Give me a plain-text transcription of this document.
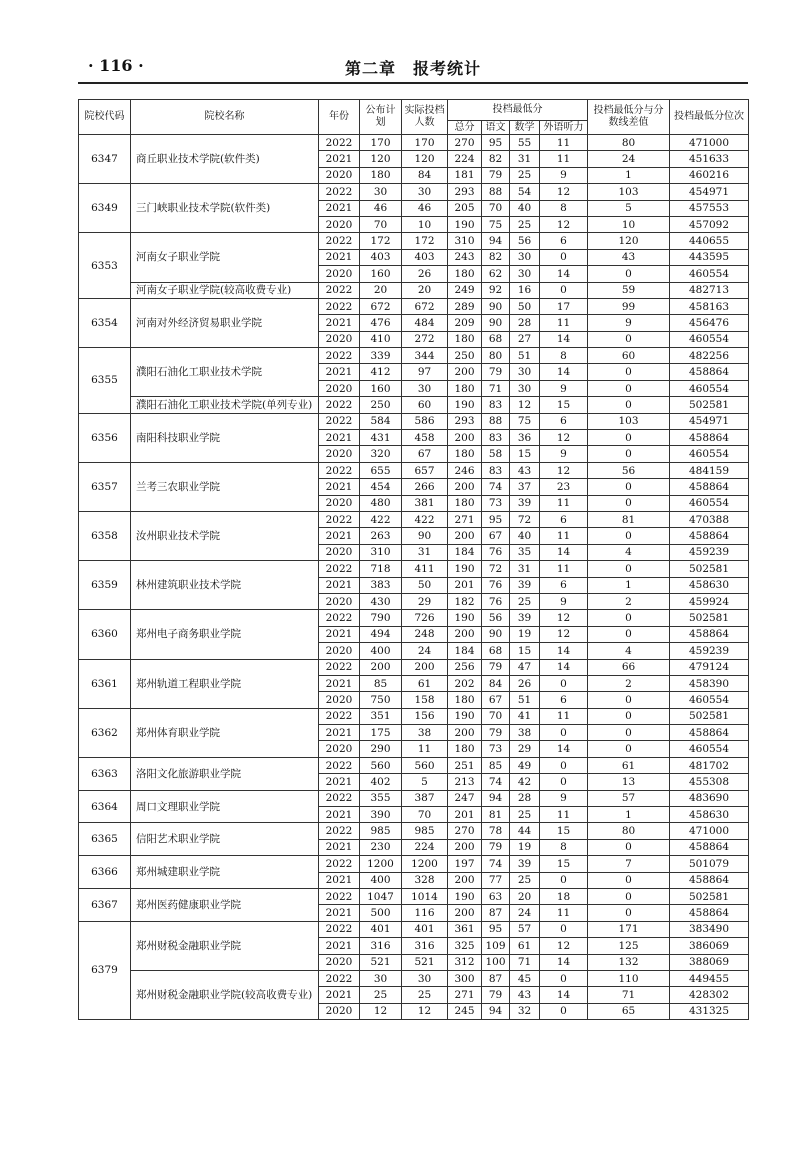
· 116 ·	第二章　报考统计
院校代码	院校名称	年份	公布计划	实际投档人数	投档最低分				投档最低分与分数线差值	投档最低分位次
					总分	语文	数学	外语听力		
6347	商丘职业技术学院(软件类)	2022	170	170	270	95	55	11	80	471000
		2021	120	120	224	82	31	11	24	451633
		2020	180	84	181	79	25	9	1	460216
6349	三门峡职业技术学院(软件类)	2022	30	30	293	88	54	12	103	454971
		2021	46	46	205	70	40	8	5	457553
		2020	70	10	190	75	25	12	10	457092
6353	河南女子职业学院	2022	172	172	310	94	56	6	120	440655
		2021	403	403	243	82	30	0	43	443595
		2020	160	26	180	62	30	14	0	460554
	河南女子职业学院(较高收费专业)	2022	20	20	249	92	16	0	59	482713
6354	河南对外经济贸易职业学院	2022	672	672	289	90	50	17	99	458163
		2021	476	484	209	90	28	11	9	456476
		2020	410	272	180	68	27	14	0	460554
6355	濮阳石油化工职业技术学院	2022	339	344	250	80	51	8	60	482256
		2021	412	97	200	79	30	14	0	458864
		2020	160	30	180	71	30	9	0	460554
	濮阳石油化工职业技术学院(单列专业)	2022	250	60	190	83	12	15	0	502581
6356	南阳科技职业学院	2022	584	586	293	88	75	6	103	454971
		2021	431	458	200	83	36	12	0	458864
		2020	320	67	180	58	15	9	0	460554
6357	兰考三农职业学院	2022	655	657	246	83	43	12	56	484159
		2021	454	266	200	74	37	23	0	458864
		2020	480	381	180	73	39	11	0	460554
6358	汝州职业技术学院	2022	422	422	271	95	72	6	81	470388
		2021	263	90	200	67	40	11	0	458864
		2020	310	31	184	76	35	14	4	459239
6359	林州建筑职业技术学院	2022	718	411	190	72	31	11	0	502581
		2021	383	50	201	76	39	6	1	458630
		2020	430	29	182	76	25	9	2	459924
6360	郑州电子商务职业学院	2022	790	726	190	56	39	12	0	502581
		2021	494	248	200	90	19	12	0	458864
		2020	400	24	184	68	15	14	4	459239
6361	郑州轨道工程职业学院	2022	200	200	256	79	47	14	66	479124
		2021	85	61	202	84	26	0	2	458390
		2020	750	158	180	67	51	6	0	460554
6362	郑州体育职业学院	2022	351	156	190	70	41	11	0	502581
		2021	175	38	200	79	38	0	0	458864
		2020	290	11	180	73	29	14	0	460554
6363	洛阳文化旅游职业学院	2022	560	560	251	85	49	0	61	481702
		2021	402	5	213	74	42	0	13	455308
6364	周口文理职业学院	2022	355	387	247	94	28	9	57	483690
		2021	390	70	201	81	25	11	1	458630
6365	信阳艺术职业学院	2022	985	985	270	78	44	15	80	471000
		2021	230	224	200	79	19	8	0	458864
6366	郑州城建职业学院	2022	1200	1200	197	74	39	15	7	501079
		2021	400	328	200	77	25	0	0	458864
6367	郑州医药健康职业学院	2022	1047	1014	190	63	20	18	0	502581
		2021	500	116	200	87	24	11	0	458864
6379	郑州财税金融职业学院	2022	401	401	361	95	57	0	171	383490
		2021	316	316	325	109	61	12	125	386069
		2020	521	521	312	100	71	14	132	388069
	郑州财税金融职业学院(较高收费专业)	2022	30	30	300	87	45	0	110	449455
		2021	25	25	271	79	43	14	71	428302
		2020	12	12	245	94	32	0	65	431325
